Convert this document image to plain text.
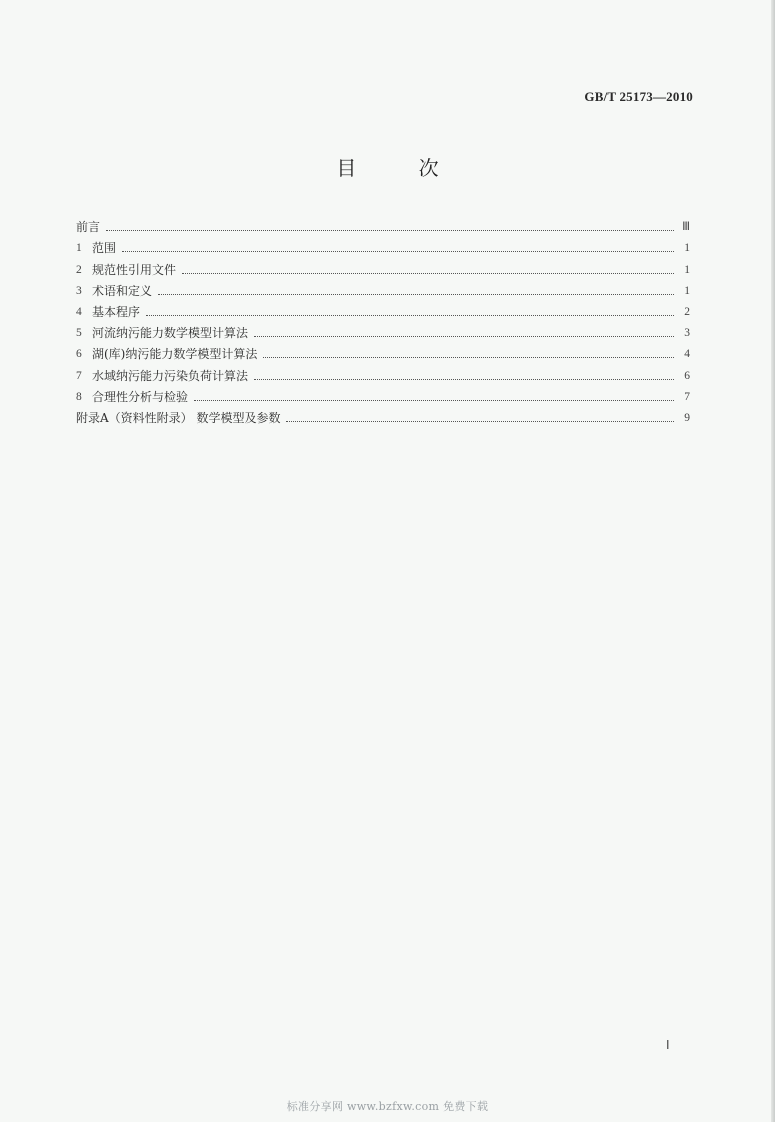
GB/T 25173—2010
目 次
前言	Ⅲ
1 范围	1
2 规范性引用文件	1
3 术语和定义	1
4 基本程序	2
5 河流纳污能力数学模型计算法	3
6 湖(库)纳污能力数学模型计算法	4
7 水域纳污能力污染负荷计算法	6
8 合理性分析与检验	7
附录A（资料性附录） 数学模型及参数	9
Ⅰ
标准分享网 www.bzfxw.com 免费下载
